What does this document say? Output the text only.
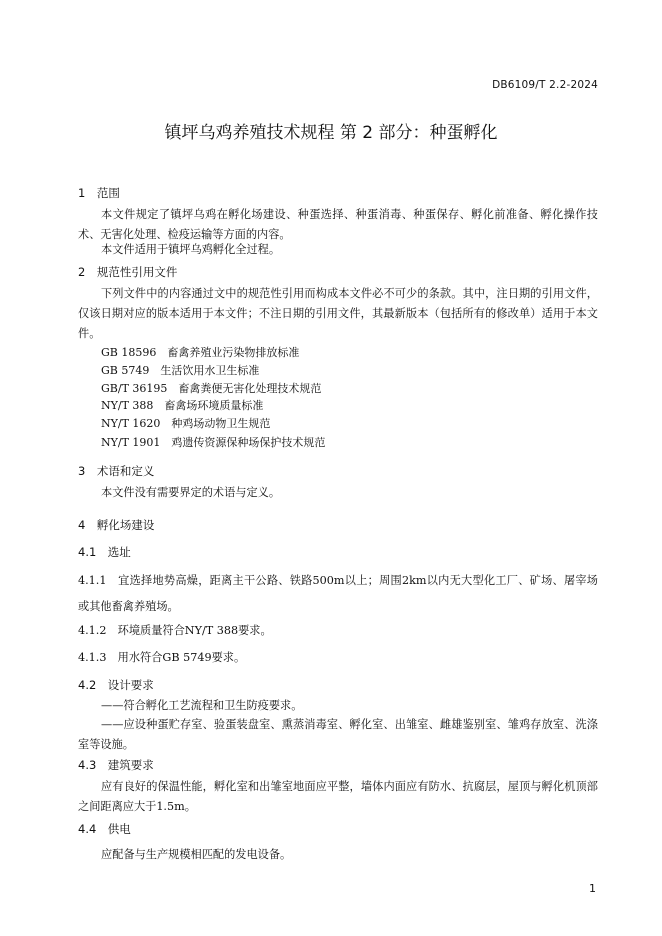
DB6109/T 2.2-2024
镇坪乌鸡养殖技术规程 第 2 部分：种蛋孵化
1　范围
本文件规定了镇坪乌鸡在孵化场建设、种蛋选择、种蛋消毒、种蛋保存、孵化前准备、孵化操作技术、无害化处理、检疫运输等方面的内容。
本文件适用于镇坪乌鸡孵化全过程。
2　规范性引用文件
下列文件中的内容通过文中的规范性引用而构成本文件必不可少的条款。其中，注日期的引用文件，仅该日期对应的版本适用于本文件；不注日期的引用文件，其最新版本（包括所有的修改单）适用于本文件。
GB 18596　畜禽养殖业污染物排放标准
GB 5749　生活饮用水卫生标准
GB/T 36195　畜禽粪便无害化处理技术规范
NY/T 388　畜禽场环境质量标准
NY/T 1620　种鸡场动物卫生规范
NY/T 1901　鸡遗传资源保种场保护技术规范
3　术语和定义
本文件没有需要界定的术语与定义。
4　孵化场建设
4.1　选址
4.1.1　宜选择地势高燥，距离主干公路、铁路500m以上；周围2km以内无大型化工厂、矿场、屠宰场或其他畜禽养殖场。
4.1.2　环境质量符合NY/T 388要求。
4.1.3　用水符合GB 5749要求。
4.2　设计要求
——符合孵化工艺流程和卫生防疫要求。
——应设种蛋贮存室、验蛋装盘室、熏蒸消毒室、孵化室、出雏室、雌雄鉴别室、雏鸡存放室、洗涤室等设施。
4.3　建筑要求
应有良好的保温性能，孵化室和出雏室地面应平整，墙体内面应有防水、抗腐层，屋顶与孵化机顶部之间距离应大于1.5m。
4.4　供电
应配备与生产规模相匹配的发电设备。
1
